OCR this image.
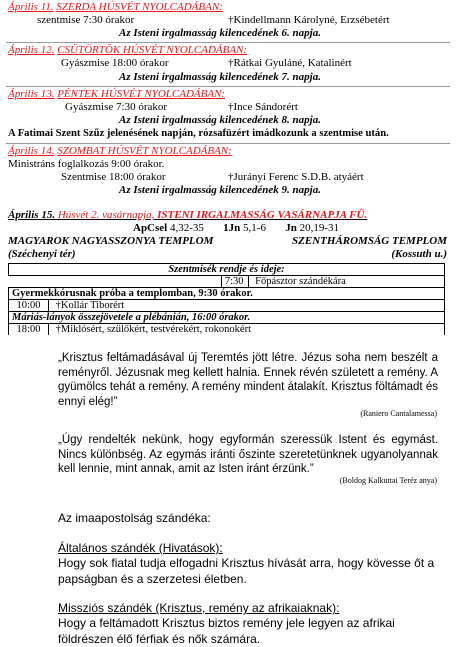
Április 11. SZERDA HÚSVÉT NYOLCADÁBAN:
szentmise 7:30 órakor	†Kindellmann Károlyné, Erzsébetért
Az Isteni irgalmasság kilencedének 6. napja.
Április 12. CSÜTÖRTÖK HÚSVÉT NYOLCADÁBAN:
Gyászmise 18:00 órakor	†Rátkai Gyuláné, Katalinért
Az Isteni irgalmasság kilencedének 7. napja.
Április 13. PÉNTEK HÚSVÉT NYOLCADÁBAN:
Gyászmise 7:30 órakor	†Ince Sándorért
Az Isteni irgalmasság kilencedének 8. napja.
A Fatimai Szent Szűz jelenésének napján, rózsafüzért imádkozunk a szentmise után.
Április 14. SZOMBAT HÚSVÉT NYOLCADÁBAN:
Ministráns foglalkozás 9:00 órakor.
Szentmise 18:00 órakor	†Jurányi Ferenc S.D.B. atyáért
Az Isteni irgalmasság kilencedének 9. napja.
Április 15. Húsvét 2. vasárnapja, ISTENI IRGALMASSÁG VASÁRNAPJA FŰ.
ApCsel 4,32-35 1Jn 5,1-6 Jn 20,19-31
MAGYAROK NAGYASSZONYA TEMPLOM	SZENTHÁROMSÁG TEMPLOM
(Széchenyi tér)	(Kossuth u.)
Szentmisék rendje és ideje:
	7:30 Főpásztor szándékára
Gyermekkórusnak próba a templomban, 9:30 órakor.
10:00 †Kollár Tiborért
Máriás-lányok összejövetele a plébánián, 16:00 órakor.
18:00 †Miklósért, szülőkért, testvérekért, rokonokért
„Krisztus feltámadásával új Teremtés jött létre. Jézus soha nem beszélt a reményről. Jézusnak meg kellett halnia. Ennek révén született a remény. A gyümölcs tehát a remény. A remény mindent átalakít. Krisztus föltámadt és ennyi elég!”
(Raniero Cantalamessa)
„Úgy rendelték nekünk, hogy egyformán szeressük Istent és egymást. Nincs különbség. Az egymás iránti őszinte szeretetünknek ugyanolyannak kell lennie, mint annak, amit az Isten iránt érzünk.”
(Boldog Kalkuttai Teréz anya)
Az imaapostolság szándéka:
Általános szándék (Hivatások):
Hogy sok fiatal tudja elfogadni Krisztus hívását arra, hogy kövesse őt a papságban és a szerzetesi életben.
Missziós szándék (Krisztus, remény az afrikaiaknak):
Hogy a feltámadott Krisztus biztos remény jele legyen az afrikai földrészen élő férfiak és nők számára.
